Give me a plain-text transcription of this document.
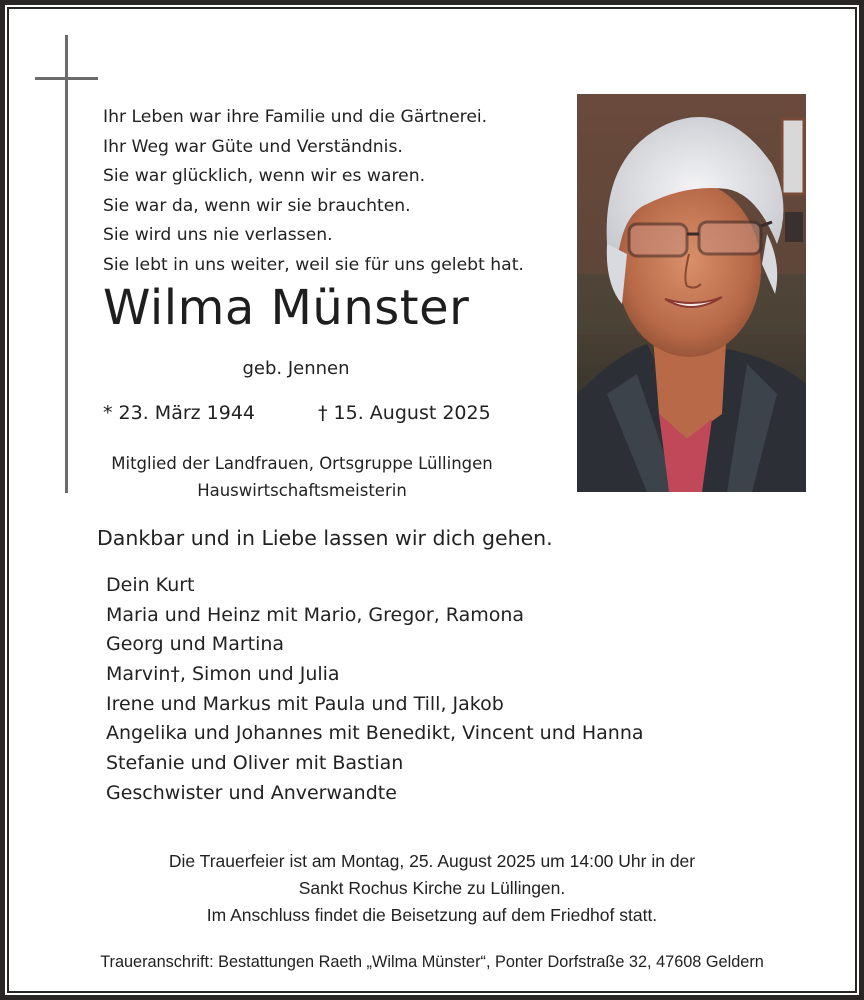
Ihr Leben war ihre Familie und die Gärtnerei.
Ihr Weg war Güte und Verständnis.
Sie war glücklich, wenn wir es waren.
Sie war da, wenn wir sie brauchten.
Sie wird uns nie verlassen.
Sie lebt in uns weiter, weil sie für uns gelebt hat.
Wilma Münster
geb. Jennen
* 23. März 1944	† 15. August 2025
Mitglied der Landfrauen, Ortsgruppe Lüllingen
Hauswirtschaftsmeisterin
Dankbar und in Liebe lassen wir dich gehen.
Dein Kurt
Maria und Heinz mit Mario, Gregor, Ramona
Georg und Martina
Marvin†, Simon und Julia
Irene und Markus mit Paula und Till, Jakob
Angelika und Johannes mit Benedikt, Vincent und Hanna
Stefanie und Oliver mit Bastian
Geschwister und Anverwandte
Die Trauerfeier ist am Montag, 25. August 2025 um 14:00 Uhr in der
Sankt Rochus Kirche zu Lüllingen.
Im Anschluss findet die Beisetzung auf dem Friedhof statt.
Traueranschrift: Bestattungen Raeth „Wilma Münster“, Ponter Dorfstraße 32, 47608 Geldern
